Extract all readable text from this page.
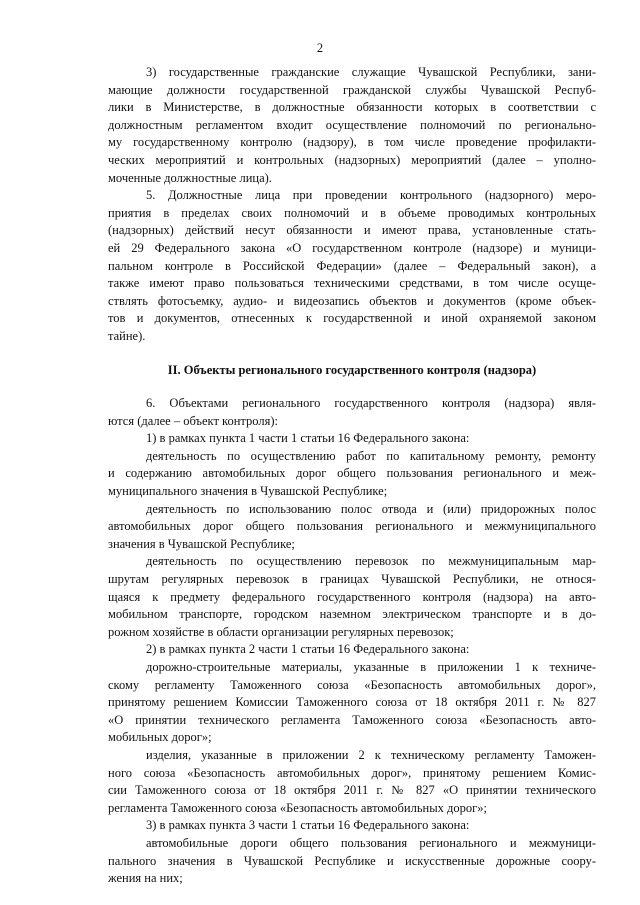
2
3) государственные гражданские служащие Чувашской Республики, зани-
мающие должности государственной гражданской службы Чувашской Респуб-
лики в Министерстве, в должностные обязанности которых в соответствии с
должностным регламентом входит осуществление полномочий по регионально-
му государственному контролю (надзору), в том числе проведение профилакти-
ческих мероприятий и контрольных (надзорных) мероприятий (далее – уполно-
моченные должностные лица).
5. Должностные лица при проведении контрольного (надзорного) меро-
приятия в пределах своих полномочий и в объеме проводимых контрольных
(надзорных) действий несут обязанности и имеют права, установленные стать-
ей 29 Федерального закона «О государственном контроле (надзоре) и муници-
пальном контроле в Российской Федерации» (далее – Федеральный закон), а
также имеют право пользоваться техническими средствами, в том числе осуще-
ствлять фотосъемку, аудио- и видеозапись объектов и документов (кроме объек-
тов и документов, отнесенных к государственной и иной охраняемой законом
тайне).
II. Объекты регионального государственного контроля (надзора)
6. Объектами регионального государственного контроля (надзора) явля-
ются (далее – объект контроля):
1) в рамках пункта 1 части 1 статьи 16 Федерального закона:
деятельность по осуществлению работ по капитальному ремонту, ремонту
и содержанию автомобильных дорог общего пользования регионального и меж-
муниципального значения в Чувашской Республике;
деятельность по использованию полос отвода и (или) придорожных полос
автомобильных дорог общего пользования регионального и межмуниципального
значения в Чувашской Республике;
деятельность по осуществлению перевозок по межмуниципальным мар-
шрутам регулярных перевозок в границах Чувашской Республики, не относя-
щаяся к предмету федерального государственного контроля (надзора) на авто-
мобильном транспорте, городском наземном электрическом транспорте и в до-
рожном хозяйстве в области организации регулярных перевозок;
2) в рамках пункта 2 части 1 статьи 16 Федерального закона:
дорожно-строительные материалы, указанные в приложении 1 к техниче-
скому регламенту Таможенного союза «Безопасность автомобильных дорог»,
принятому решением Комиссии Таможенного союза от 18 октября 2011 г. № 827
«О принятии технического регламента Таможенного союза «Безопасность авто-
мобильных дорог»;
изделия, указанные в приложении 2 к техническому регламенту Таможен-
ного союза «Безопасность автомобильных дорог», принятому решением Комис-
сии Таможенного союза от 18 октября 2011 г. № 827 «О принятии технического
регламента Таможенного союза «Безопасность автомобильных дорог»;
3) в рамках пункта 3 части 1 статьи 16 Федерального закона:
автомобильные дороги общего пользования регионального и межмуници-
пального значения в Чувашской Республике и искусственные дорожные соору-
жения на них;
